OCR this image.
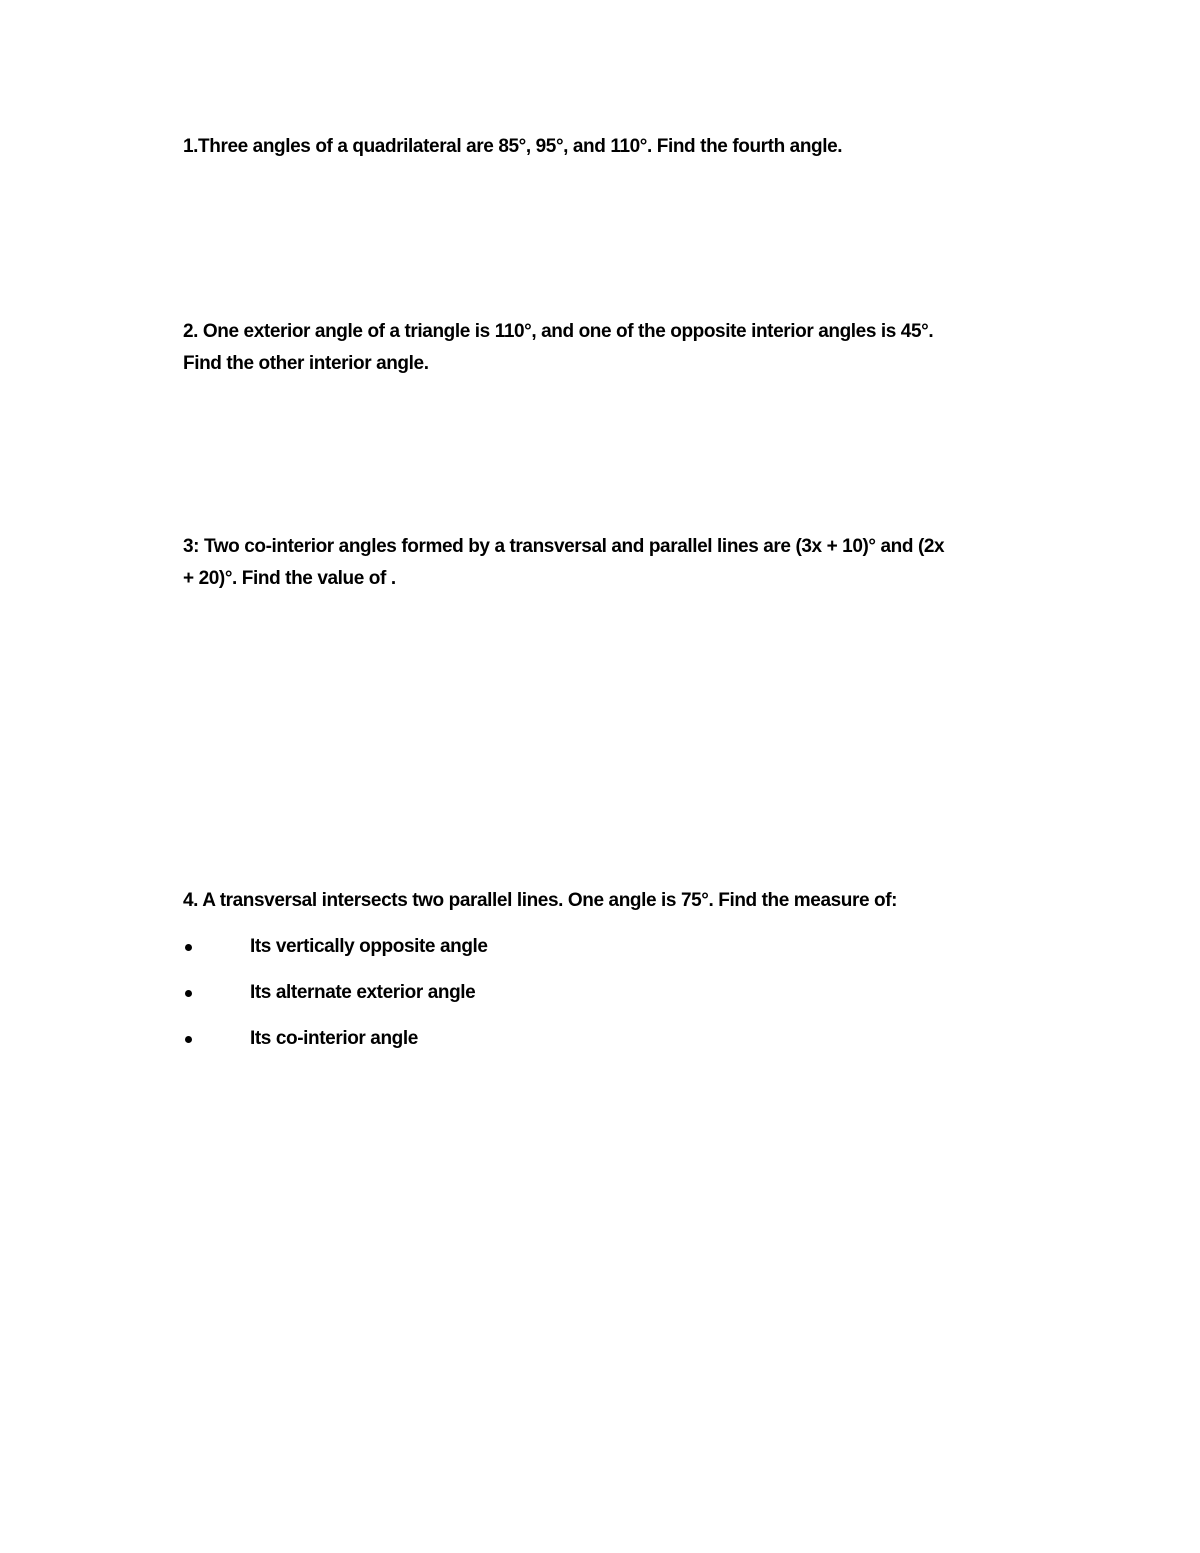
1.Three angles of a quadrilateral are 85°, 95°, and 110°. Find the fourth angle.

2. One exterior angle of a triangle is 110°, and one of the opposite interior angles is 45°.
Find the other interior angle.

3: Two co-interior angles formed by a transversal and parallel lines are (3x + 10)° and (2x
+ 20)°. Find the value of .

4. A transversal intersects two parallel lines. One angle is 75°. Find the measure of:

Its vertically opposite angle
Its alternate exterior angle
Its co-interior angle
